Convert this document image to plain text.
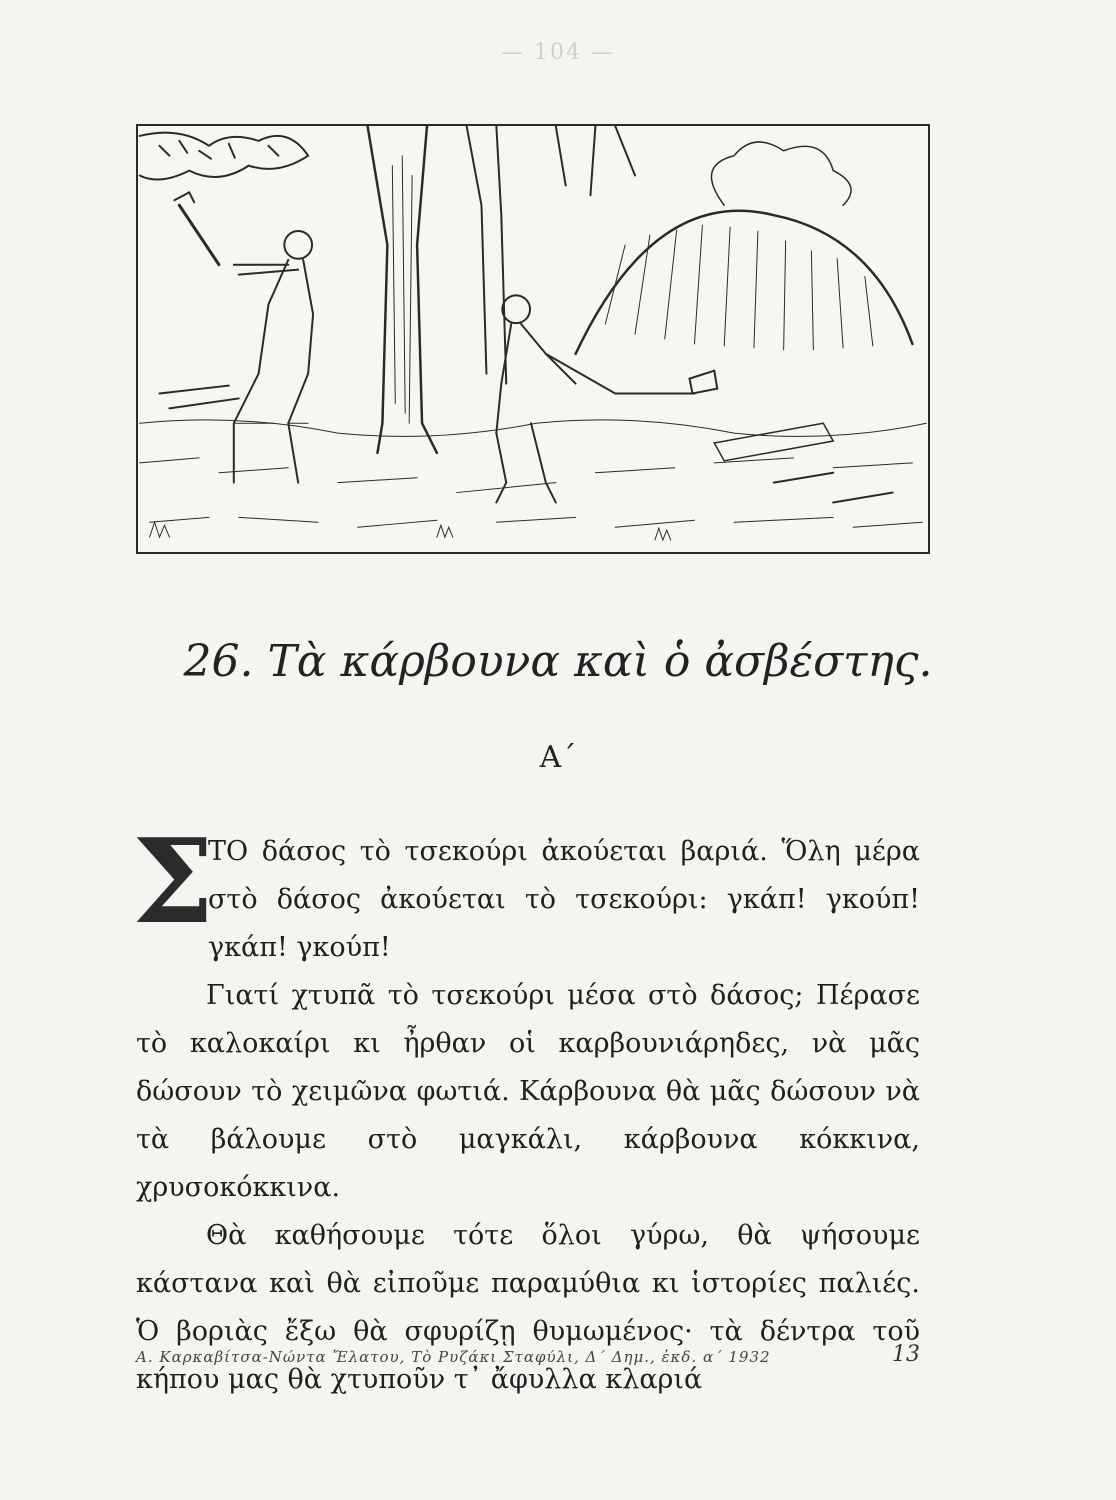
— 104 —
26. Τὰ κάρβουνα καὶ ὁ ἀσβέστης.
Α΄

Σ
ΤΟ δάσος τὸ τσεκούρι ἀκούεται βαριά. Ὅλη μέρα στὸ δάσος ἀκούεται τὸ τσεκούρι: γκάπ! γκούπ! γκάπ! γκούπ!

Γιατί χτυπᾶ τὸ τσεκούρι μέσα στὸ δάσος; Πέρασε τὸ καλοκαίρι κι ἦρθαν οἱ καρβουνιάρηδες, νὰ μᾶς δώσουν τὸ χειμῶνα φωτιά. Κάρβουνα θὰ μᾶς δώσουν νὰ τὰ βάλουμε στὸ μαγκάλι, κάρβουνα κόκκινα, χρυσοκόκκινα.

Θὰ καθήσουμε τότε ὅλοι γύρω, θὰ ψήσουμε κάστανα καὶ θὰ εἰποῦμε παραμύθια κι ἱστορίες παλιές. Ὁ βοριὰς ἔξω θὰ σφυρίζῃ θυμωμένος· τὰ δέντρα τοῦ κήπου μας θὰ χτυποῦν τ᾽ ἄφυλλα κλαριά

Α. Καρκαβίτσα-Νώντα Ἔλατου, Τὸ Ρυζάκι Σταφύλι, Δ΄ Δημ., ἐκδ. α΄ 1932	13
